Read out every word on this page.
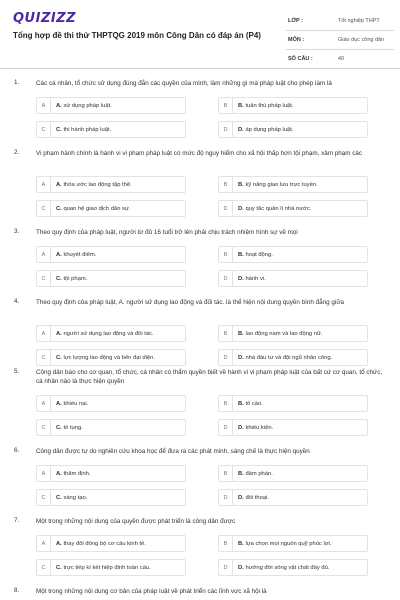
QUIZIZZ
Tổng hợp đề thi thử THPTQG 2019 môn Công Dân có đáp án (P4)
LỚP :	Tốt nghiệp THPT
MÔN :	Giáo dục công dân
SỐ CÂU :	40
1.	Các cá nhân, tổ chức sử dụng đúng đắn các quyền của mình, làm những gì mà pháp luật cho phép làm là
A	A. sử dụng pháp luật.	B	B. tuân thủ pháp luật.
C	C. thi hành pháp luật.	D	D. áp dụng pháp luật.
2.	Vi phạm hành chính là hành vi vi phạm pháp luật có mức độ nguy hiểm cho xã hội thấp hơn tội phạm, xâm phạm các
A	A. thỏa ước lao động tập thể.	B	B. kỹ năng giao lưu trực tuyến.
C	C. quan hệ giao dịch dân sự.	D	D. quy tắc quản lí nhà nước.
3.	Theo quy định của pháp luật, người từ đủ 16 tuổi trở lên phải chịu trách nhiệm hình sự về mọi
A	A. khuyết điểm.	B	B. hoạt động.
C	C. tội phạm.	D	D. hành vi.
4.	Theo quy định của pháp luật, A. người sử dụng lao động và đối tác. là thể hiện nội dung quyền bình đẳng giữa
A	A. người sử dụng lao động và đối tác.	B	B. lao động nam và lao động nữ.
C	C. lực lượng lao động và bên đại diện.	D	D. nhà đầu tư và đội ngũ nhân công.
5.	Công dân báo cho cơ quan, tổ chức, cá nhân có thẩm quyền biết về hành vi vi phạm pháp luật của bất cứ cơ quan, tổ chức, cá nhân nào là thực hiện quyền
A	A. khiếu nại.	B	B. tố cáo.
C	C. tố tụng.	D	D. khiếu kiện.
6.	Công dân được tự do nghiên cứu khoa học để đưa ra các phát minh, sáng chế là thực hiện quyền
A	A. thẩm định.	B	B. đàm phán.
C	C. sáng tạo.	D	D. đối thoại.
7.	Một trong những nội dung của quyền được phát triển là công dân được
A	A. thay đổi đồng bộ cơ cấu kinh tế.	B	B. lựa chọn mọi nguồn quỹ phúc lợi.
C	C. trực tiếp kí kết hiệp định toàn cầu.	D	D. hưởng đời sống vật chất đầy đủ.
8.	Một trong những nội dung cơ bản của pháp luật về phát triển các lĩnh vực xã hội là
